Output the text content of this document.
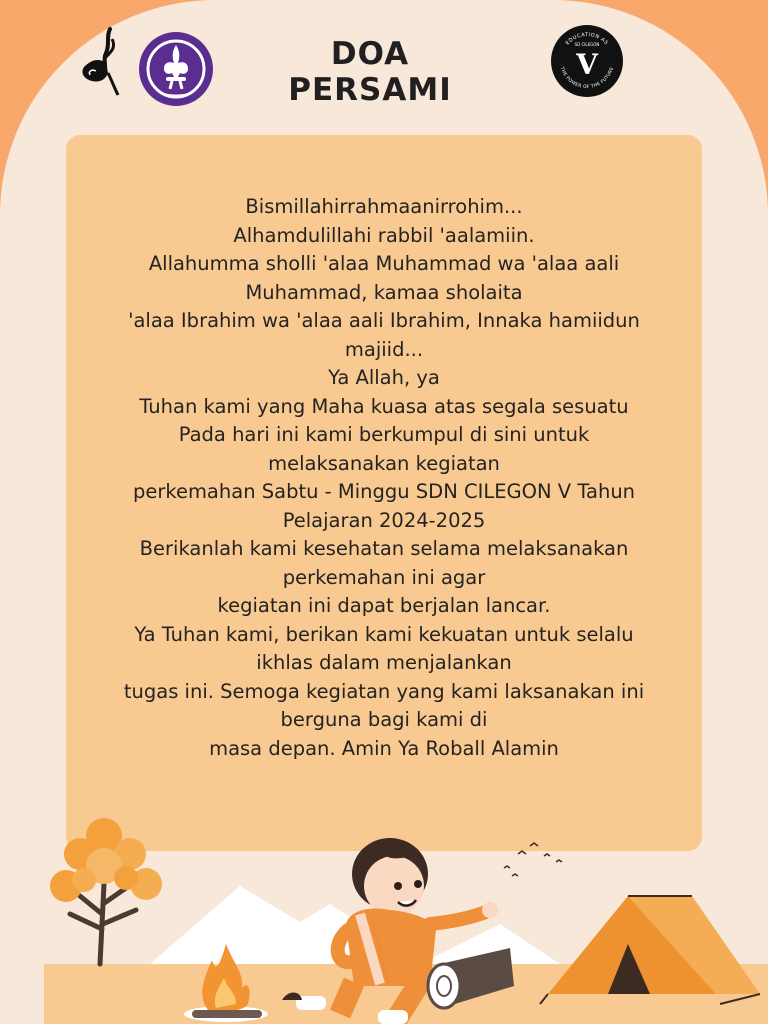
DOA
PERSAMI
EDUCATION AS
SD CILEGON
V
THE POWER OF THE FUTURE
Bismillahirrahmaanirrohim...
Alhamdulillahi rabbil 'aalamiin.
Allahumma sholli 'alaa Muhammad wa 'alaa aali
Muhammad, kamaa sholaita
'alaa Ibrahim wa 'alaa aali Ibrahim, Innaka hamiidun
majiid...
Ya Allah, ya
Tuhan kami yang Maha kuasa atas segala sesuatu
Pada hari ini kami berkumpul di sini untuk
melaksanakan kegiatan
perkemahan Sabtu - Minggu SDN CILEGON V Tahun
Pelajaran 2024-2025
Berikanlah kami kesehatan selama melaksanakan
perkemahan ini agar
kegiatan ini dapat berjalan lancar.
Ya Tuhan kami, berikan kami kekuatan untuk selalu
ikhlas dalam menjalankan
tugas ini. Semoga kegiatan yang kami laksanakan ini
berguna bagi kami di
masa depan. Amin Ya Roball Alamin
